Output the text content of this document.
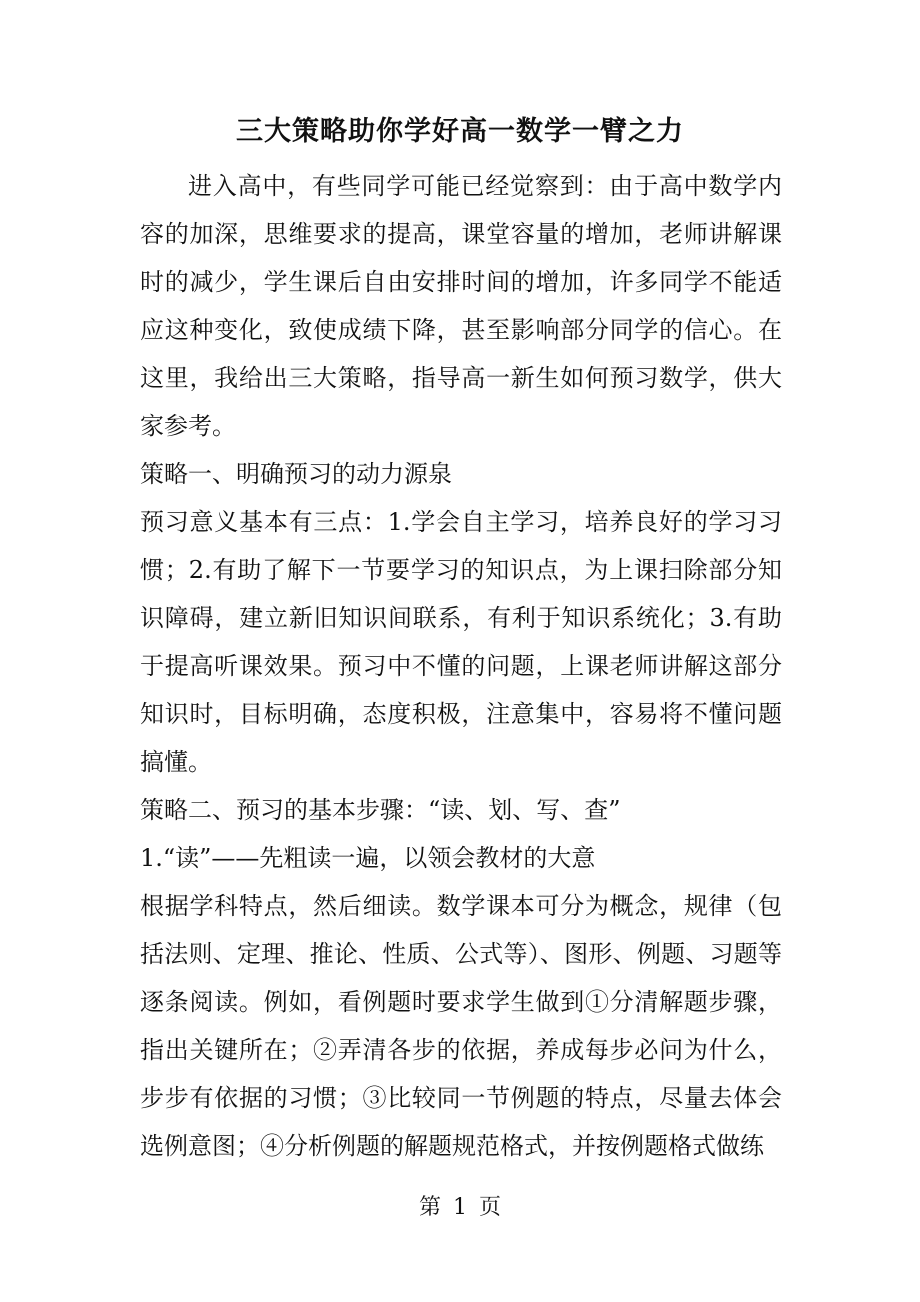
三大策略助你学好高一数学一臂之力

进入高中，有些同学可能已经觉察到：由于高中数学内容的加深，思维要求的提高，课堂容量的增加，老师讲解课时的减少，学生课后自由安排时间的增加，许多同学不能适应这种变化，致使成绩下降，甚至影响部分同学的信心。在这里，我给出三大策略，指导高一新生如何预习数学，供大家参考。

策略一、明确预习的动力源泉

预习意义基本有三点：1.学会自主学习，培养良好的学习习惯；2.有助了解下一节要学习的知识点，为上课扫除部分知识障碍，建立新旧知识间联系，有利于知识系统化；3.有助于提高听课效果。预习中不懂的问题，上课老师讲解这部分知识时，目标明确，态度积极，注意集中，容易将不懂问题搞懂。

策略二、预习的基本步骤：“读、划、写、查”

1.“读”——先粗读一遍，以领会教材的大意

根据学科特点，然后细读。数学课本可分为概念，规律（包括法则、定理、推论、性质、公式等）、图形、例题、习题等逐条阅读。例如，看例题时要求学生做到①分清解题步骤，指出关键所在；②弄清各步的依据，养成每步必问为什么，步步有依据的习惯；③比较同一节例题的特点，尽量去体会选例意图；④分析例题的解题规范格式，并按例题格式做练

第 1 页
